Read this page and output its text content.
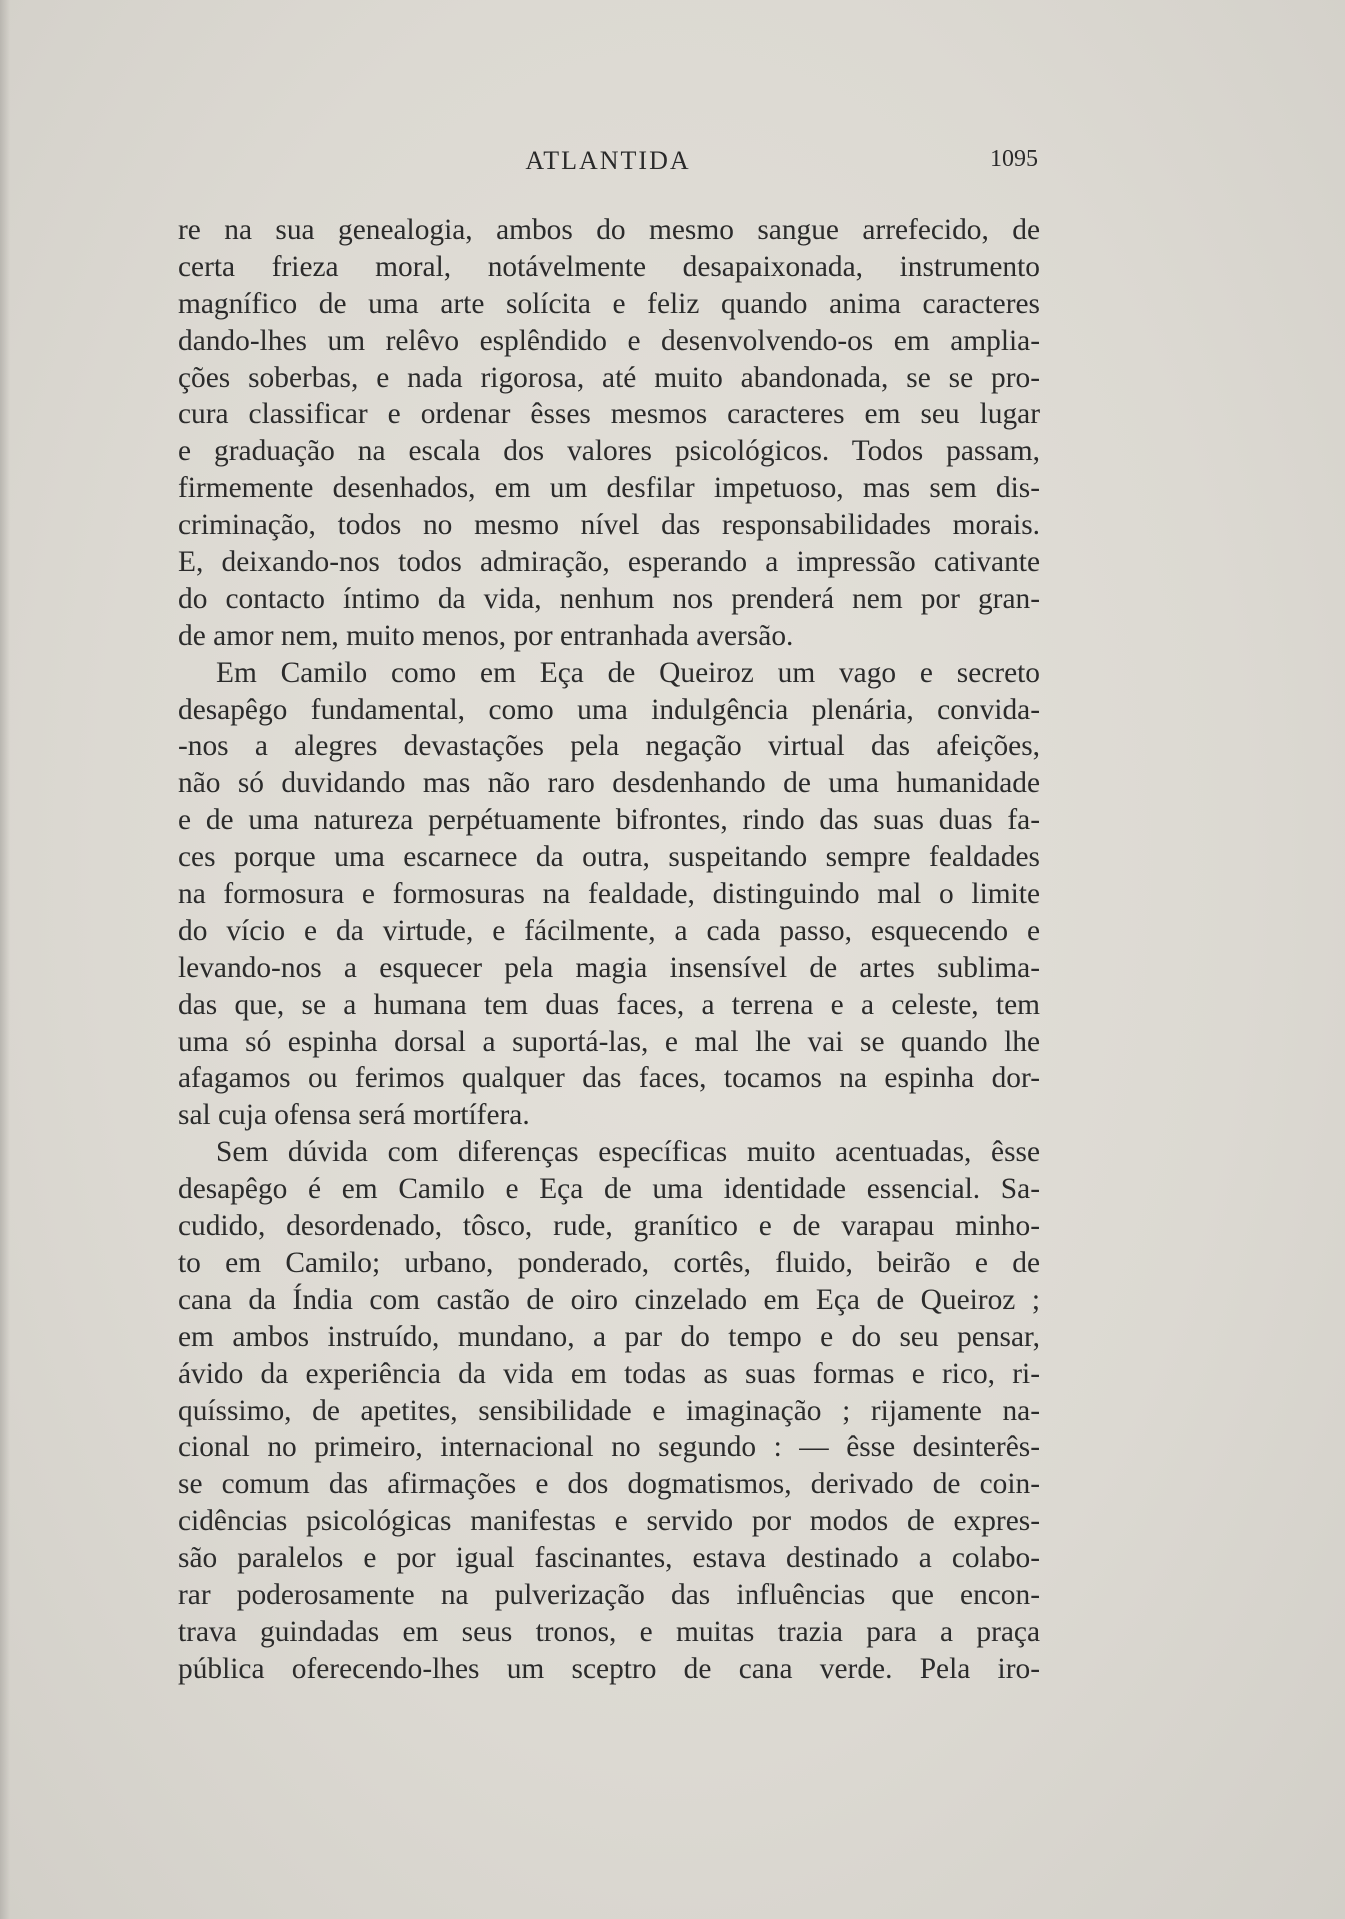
ATLANTIDA	1095
re na sua genealogia, ambos do mesmo sangue arrefecido, de
certa frieza moral, notávelmente desapaixonada, instrumento
magnífico de uma arte solícita e feliz quando anima caracteres
dando-lhes um relêvo esplêndido e desenvolvendo-os em amplia-
ções soberbas, e nada rigorosa, até muito abandonada, se se pro-
cura classificar e ordenar êsses mesmos caracteres em seu lugar
e graduação na escala dos valores psicológicos. Todos passam,
firmemente desenhados, em um desfilar impetuoso, mas sem dis-
criminação, todos no mesmo nível das responsabilidades morais.
E, deixando-nos todos admiração, esperando a impressão cativante
do contacto íntimo da vida, nenhum nos prenderá nem por gran-
de amor nem, muito menos, por entranhada aversão.
Em Camilo como em Eça de Queiroz um vago e secreto
desapêgo fundamental, como uma indulgência plenária, convida-
-nos a alegres devastações pela negação virtual das afeições,
não só duvidando mas não raro desdenhando de uma humanidade
e de uma natureza perpétuamente bifrontes, rindo das suas duas fa-
ces porque uma escarnece da outra, suspeitando sempre fealdades
na formosura e formosuras na fealdade, distinguindo mal o limite
do vício e da virtude, e fácilmente, a cada passo, esquecendo e
levando-nos a esquecer pela magia insensível de artes sublima-
das que, se a humana tem duas faces, a terrena e a celeste, tem
uma só espinha dorsal a suportá-las, e mal lhe vai se quando lhe
afagamos ou ferimos qualquer das faces, tocamos na espinha dor-
sal cuja ofensa será mortífera.
Sem dúvida com diferenças específicas muito acentuadas, êsse
desapêgo é em Camilo e Eça de uma identidade essencial. Sa-
cudido, desordenado, tôsco, rude, granítico e de varapau minho-
to em Camilo; urbano, ponderado, cortês, fluido, beirão e de
cana da Índia com castão de oiro cinzelado em Eça de Queiroz ;
em ambos instruído, mundano, a par do tempo e do seu pensar,
ávido da experiência da vida em todas as suas formas e rico, ri-
quíssimo, de apetites, sensibilidade e imaginação ; rijamente na-
cional no primeiro, internacional no segundo : — êsse desinterês-
se comum das afirmações e dos dogmatismos, derivado de coin-
cidências psicológicas manifestas e servido por modos de expres-
são paralelos e por igual fascinantes, estava destinado a colabo-
rar poderosamente na pulverização das influências que encon-
trava guindadas em seus tronos, e muitas trazia para a praça
pública oferecendo-lhes um sceptro de cana verde. Pela iro-
